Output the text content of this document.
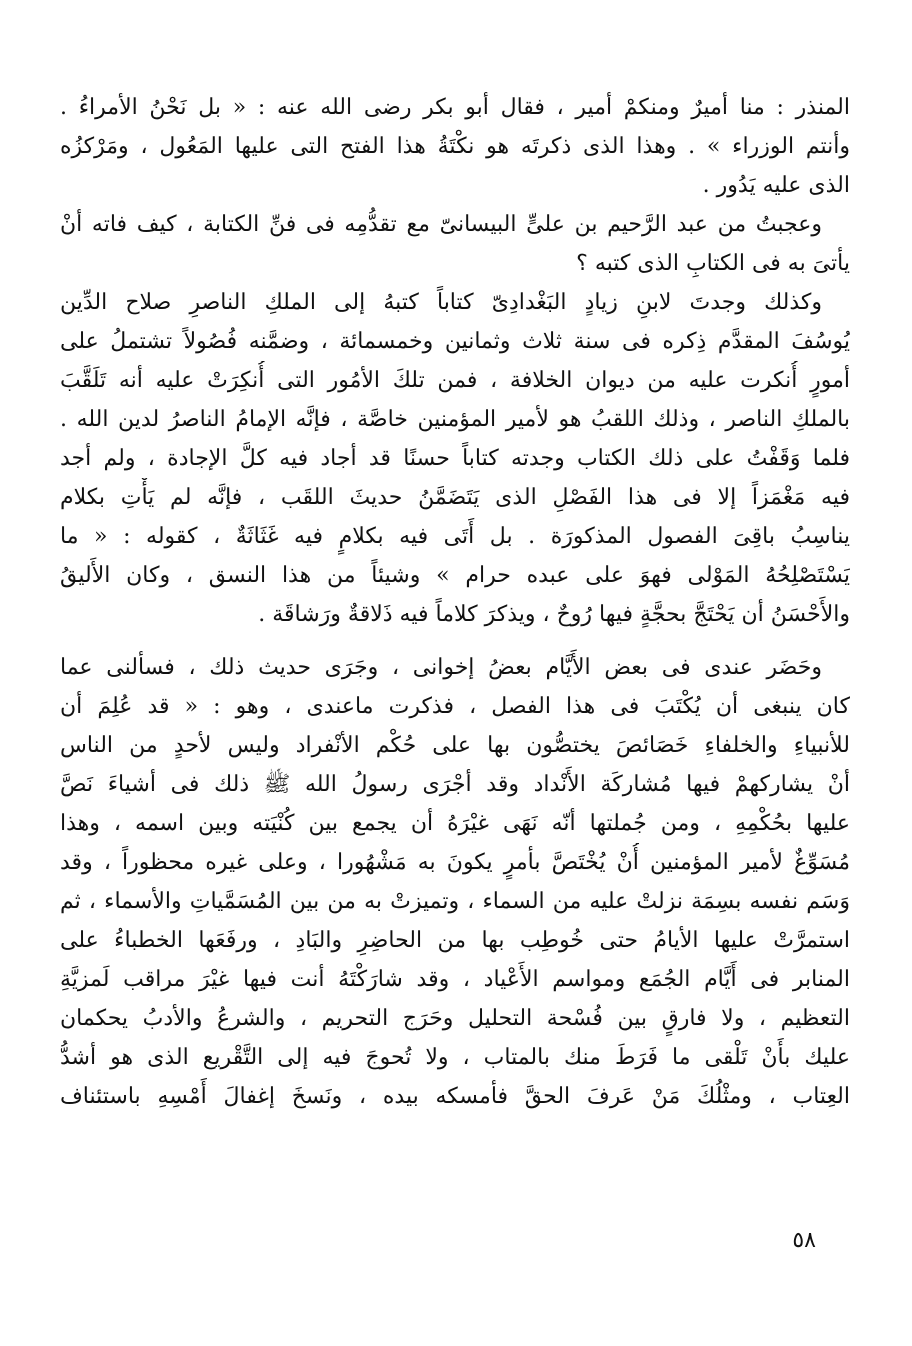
المنذر : منا أميرٌ ومنكمْ أمير ، فقال أبو بكر رضى الله عنه : « بل نَحْنُ الأمراءُ .
وأنتم الوزراء » . وهذا الذى ذكرتَه هو نكْتَةُ هذا الفتح التى عليها المَعُول ، ومَرْكزُه
الذى عليه يَدُور .
وعجبتُ من عبد الرَّحيم بن علىٍّ البيسانىّ مع تقدُّمِه فى فنِّ الكتابة ، كيف فاته أنْ
يأتىَ به فى الكتابِ الذى كتبه ؟
وكذلك وجدتَ لابنِ زيادٍ البَغْدادِىّ كتاباً كتبهُ إلى الملكِ الناصرِ صلاح الدِّين
يُوسُفَ المقدَّم ذِكره فى سنة ثلاث وثمانين وخمسمائة ، وضمَّنه فُصُولاً تشتملُ على
أمورٍ أُنكرت عليه من ديوان الخلافة ، فمن تلكَ الأمُور التى أُنكِرَتْ عليه أنه تَلَقَّبَ
بالملكِ الناصر ، وذلك اللقبُ هو لأمير المؤمنين خاصَّة ، فإنَّه الإمامُ الناصرُ لدين الله .
فلما وَقَفْتُ على ذلك الكتاب وجدته كتاباً حسنًا قد أجاد فيه كلَّ الإجادة ، ولم أجد
فيه مَغْمَزاً إلا فى هذا الفَصْلِ الذى يَتَضَمَّنُ حديثَ اللقَب ، فإنَّه لم يَأْتِ بكلام
يناسِبُ باقِىَ الفصول المذكورَة . بل أَتَى فيه بكلامٍ فيه غَثَاثَةٌ ، كقوله : « ما
يَسْتَصْلِحُهُ المَوْلى فهوَ على عبده حرام » وشيئاً من هذا النسق ، وكان الأَليقُ
والأَحْسَنُ أن يَحْتَجَّ بحجَّةٍ فيها رُوحٌ ، ويذكرَ كلاماً فيه ذَلاقةٌ ورَشاقَة .
وحَضَر عندى فى بعض الأَيَّام بعضُ إخوانى ، وجَرَى حديث ذلك ، فسألنى عما
كان ينبغى أن يُكْتَبَ فى هذا الفصل ، فذكرت ماعندى ، وهو : « قد عُلِمَ أن
للأنبياءِ والخلفاءِ خَصَائصَ يختصُّون بها على حُكْم الأنْفراد وليس لأحدٍ من الناس
أنْ يشاركهمْ فيها مُشاركَة الأَنْداد وقد أجْرَى رسولُ الله ﷺ ذلك فى أشياءَ نَصَّ
عليها بحُكْمِهِ ، ومن جُملتها أنّه نَهَى غيْرَهُ أن يجمع بين كُنْيَته وبين اسمه ، وهذا
مُسَوِّغٌ لأمير المؤمنين أُنْ يُخْتَصَّ بأمرٍ يكونَ به مَشْهُورا ، وعلى غيره محظوراً ، وقد
وَسَم نفسه بسِمَة نزلتْ عليه من السماء ، وتميزتْ به من بين المُسَمَّياتِ والأسماء ، ثم
استمرَّتْ عليها الأيامُ حتى خُوطِب بها من الحاضِرِ والبَادِ ، ورفَعَها الخطباءُ على
المنابر فى أَيَّام الجُمَع ومواسم الأَعْياد ، وقد شارَكْتَهُ أنت فيها غيْرَ مراقب لَمزيَّةِ
التعظيم ، ولا فارقٍ بين فُسْحة التحليل وحَرَج التحريم ، والشرعُ والأدبُ يحكمان
عليك بأَنْ تَلْقى ما فَرَطَ منك بالمتاب ، ولا تُحوجَ فيه إلى التَّقْريع الذى هو أشدُّ
العِتاب ، ومثْلُكَ مَنْ عَرفَ الحقَّ فأمسكه بيده ، ونَسخَ إغفالَ أَمْسِهِ باستئناف
٥٨
